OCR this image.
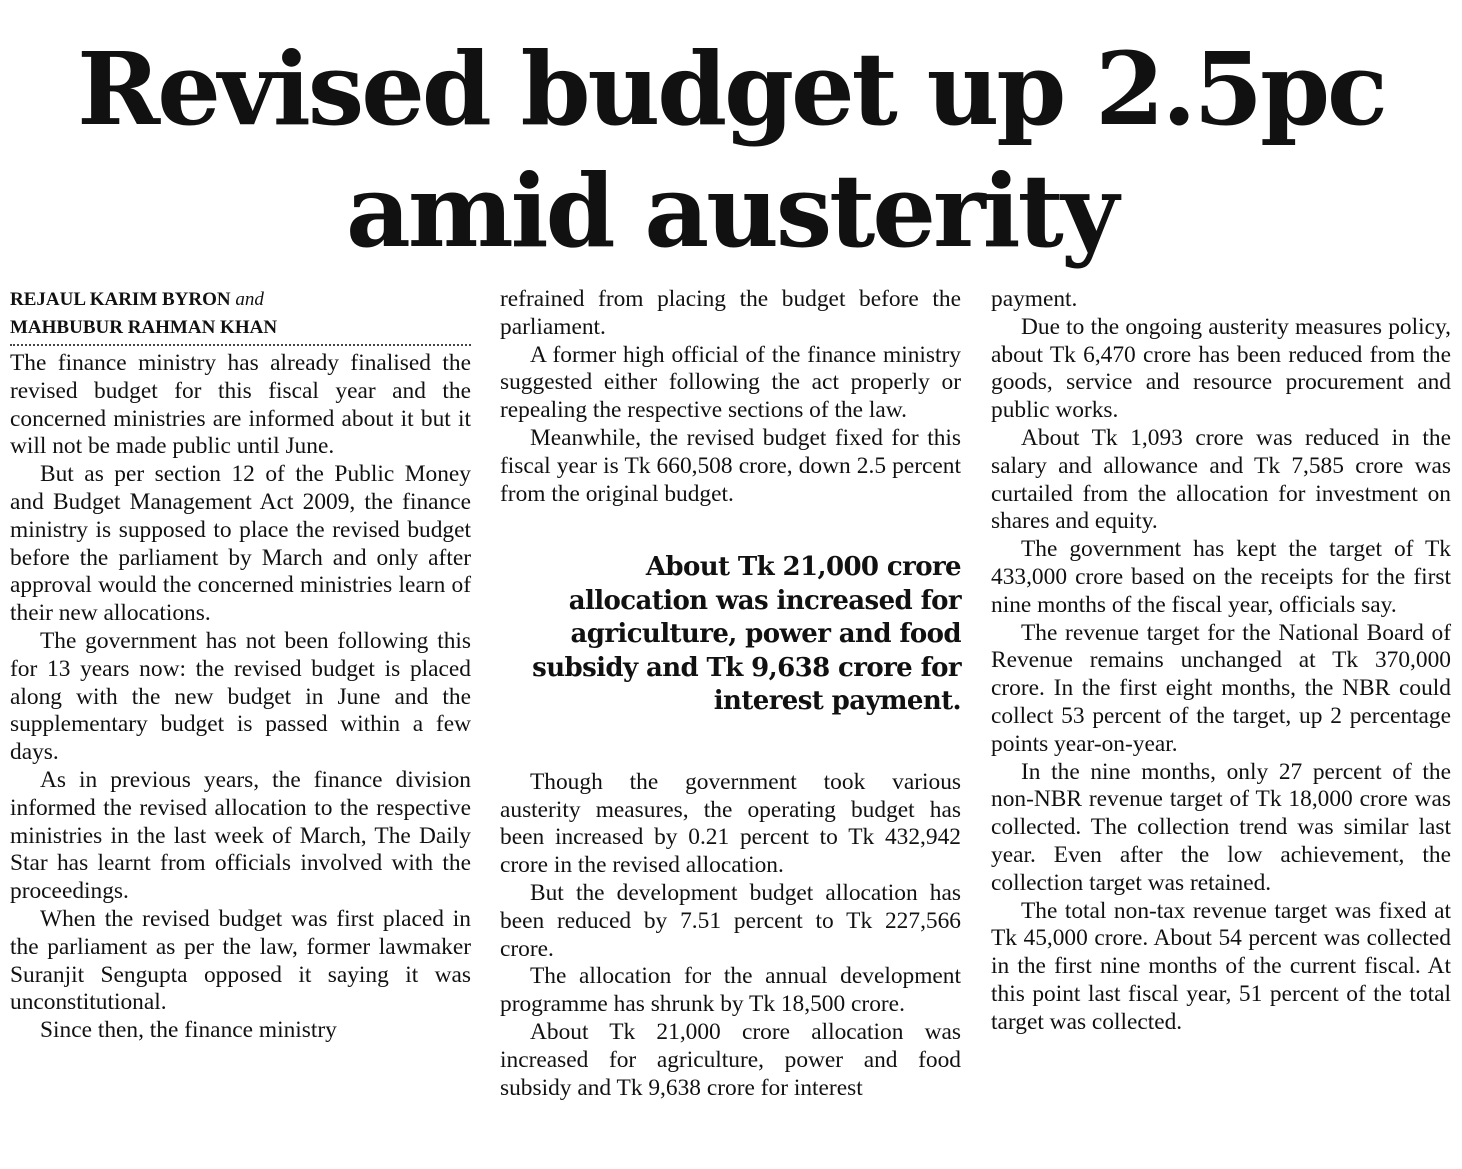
Revised budget up 2.5pc
amid austerity
REJAUL KARIM BYRON and
MAHBUBUR RAHMAN KHAN

The finance ministry has already finalised the revised budget for this fiscal year and the concerned ministries are informed about it but it will not be made public until June.

But as per section 12 of the Public Money and Budget Management Act 2009, the finance ministry is supposed to place the revised budget before the parliament by March and only after approval would the concerned ministries learn of their new allocations.

The government has not been following this for 13 years now: the revised budget is placed along with the new budget in June and the supplementary budget is passed within a few days.

As in previous years, the finance division informed the revised allocation to the respective ministries in the last week of March, The Daily Star has learnt from officials involved with the proceedings.

When the revised budget was first placed in the parliament as per the law, former lawmaker Suranjit Sengupta opposed it saying it was unconstitutional.

Since then, the finance ministry

refrained from placing the budget before the parliament.

A former high official of the finance ministry suggested either following the act properly or repealing the respective sections of the law.

Meanwhile, the revised budget fixed for this fiscal year is Tk 660,508 crore, down 2.5 percent from the original budget.

About Tk 21,000 crore allocation was increased for agriculture, power and food subsidy and Tk 9,638 crore for interest payment.

Though the government took various austerity measures, the operating budget has been increased by 0.21 percent to Tk 432,942 crore in the revised allocation.

But the development budget allocation has been reduced by 7.51 percent to Tk 227,566 crore.

The allocation for the annual development programme has shrunk by Tk 18,500 crore.

About Tk 21,000 crore allocation was increased for agriculture, power and food subsidy and Tk 9,638 crore for interest

payment.

Due to the ongoing austerity measures policy, about Tk 6,470 crore has been reduced from the goods, service and resource procurement and public works.

About Tk 1,093 crore was reduced in the salary and allowance and Tk 7,585 crore was curtailed from the allocation for investment on shares and equity.

The government has kept the target of Tk 433,000 crore based on the receipts for the first nine months of the fiscal year, officials say.

The revenue target for the National Board of Revenue remains unchanged at Tk 370,000 crore. In the first eight months, the NBR could collect 53 percent of the target, up 2 percentage points year-on-year.

In the nine months, only 27 percent of the non-NBR revenue target of Tk 18,000 crore was collected. The collection trend was similar last year. Even after the low achievement, the collection target was retained.

The total non-tax revenue target was fixed at Tk 45,000 crore. About 54 percent was collected in the first nine months of the current fiscal. At this point last fiscal year, 51 percent of the total target was collected.
